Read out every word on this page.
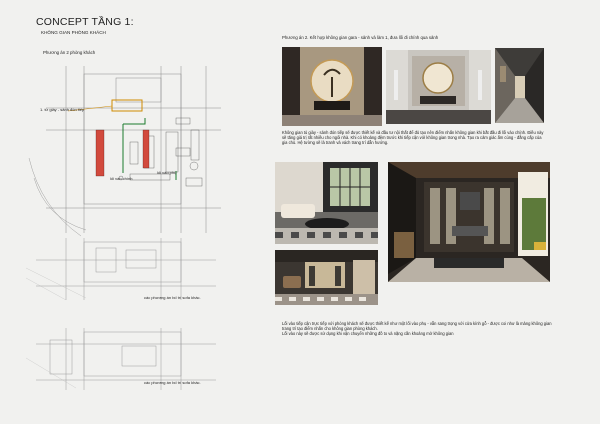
CONCEPT TẦNG 1:
KHÔNG GIAN PHÒNG KHÁCH
Phương án 2 phòng khách
1. từ giày - sảnh đón tiếp
lối vào chính
lối vào phụ
các phương án bố trí sofa khác.
các phương án bố trí sofa khác.
Phương án 2. Kết hợp không gian gara - sảnh và làm 1, đưa lối đi chính qua sảnh
Không gian tủ giày - sảnh đón tiếp sẽ được thiết kế và đầu tư nội thất để đủ tạo nên điểm nhấn không gian khi bắt đầu đi lối vào chính. Điều này sẽ tăng giá trị rất nhiều cho ngôi nhà. Khi có khoảng đệm trước khi tiếp cận với không gian trong nhà. Tạo ra cảm giác ấm cúng - đẳng cấp của gia chủ. Hệ tường sẽ là tranh và vách trang trí dẫn hướng.
Lối vào tiếp cận trực tiếp với phòng khách sẽ được thiết kế như một lối vào phụ - vẫn sang trọng với cửa kính gỗ - được coi như là mảng không gian trang trí tạo điểm nhấn cho không gian phòng khách.
Lối vào này sẽ được sử dụng khi vận chuyển những đồ to và nặng cần khoảng mở không gian
